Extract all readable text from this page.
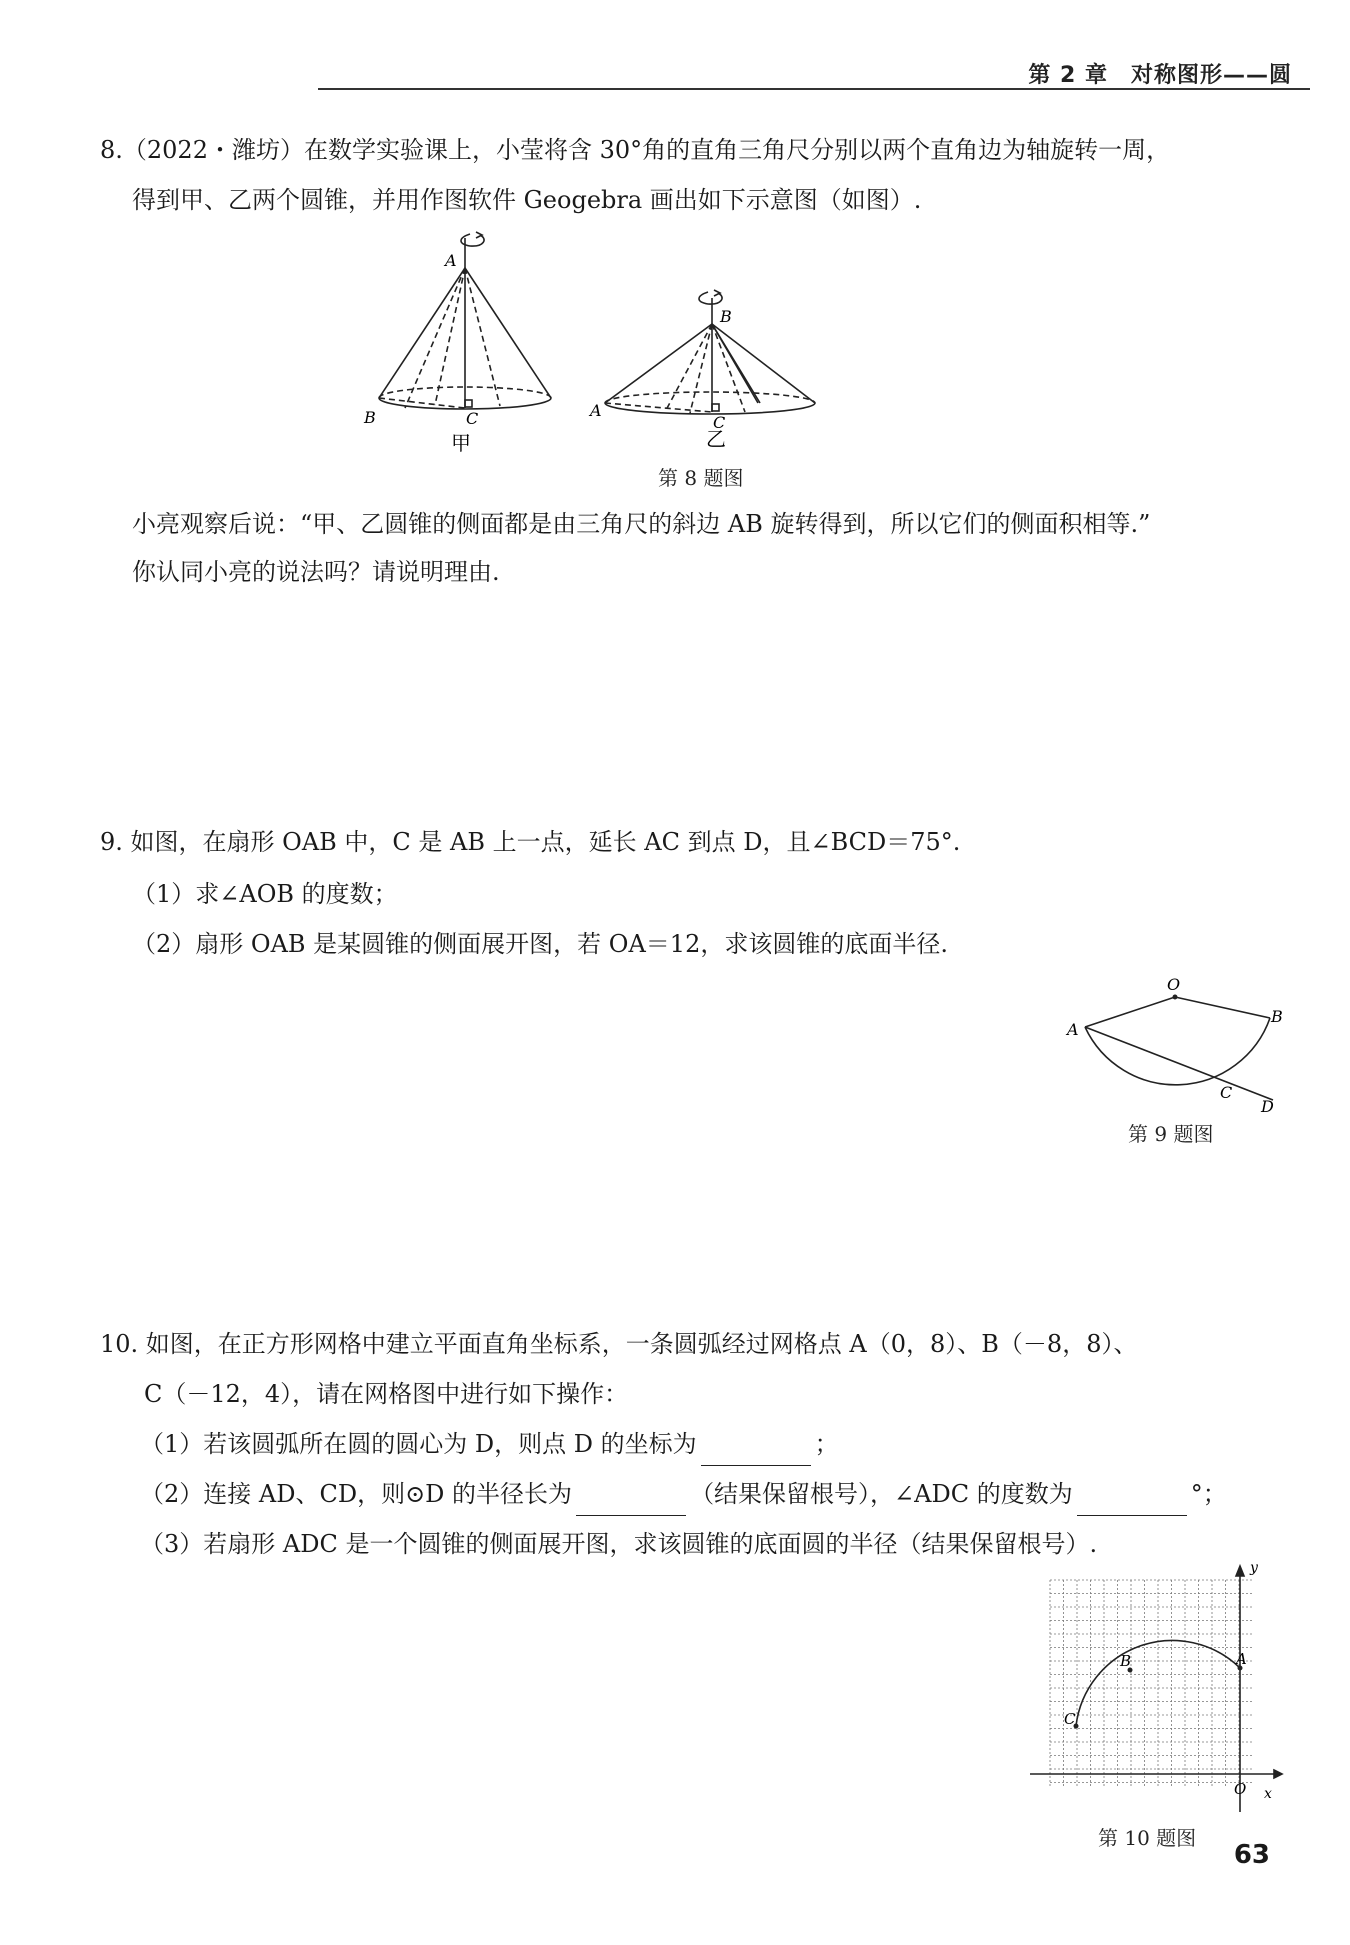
第 2 章　对称图形——圆
8.（2022・潍坊）在数学实验课上，小莹将含 30°角的直角三角尺分别以两个直角边为轴旋转一周，
得到甲、乙两个圆锥，并用作图软件 Geogebra 画出如下示意图（如图）.
A
B	C
甲
B
A
C
乙
第 8 题图
小亮观察后说：“甲、乙圆锥的侧面都是由三角尺的斜边 AB 旋转得到，所以它们的侧面积相等.”
你认同小亮的说法吗？请说明理由.
9. 如图，在扇形 OAB 中，C 是 AB 上一点，延长 AC 到点 D，且∠BCD＝75°.
（1）求∠AOB 的度数；
（2）扇形 OAB 是某圆锥的侧面展开图，若 OA＝12，求该圆锥的底面半径.
O
A
B
C
D
第 9 题图
10. 如图，在正方形网格中建立平面直角坐标系，一条圆弧经过网格点 A（0，8）、B（－8，8）、
C（－12，4），请在网格图中进行如下操作：
（1）若该圆弧所在圆的圆心为 D，则点 D 的坐标为	；
（2）连接 AD、CD，则⊙D 的半径长为	（结果保留根号），∠ADC 的度数为	°；
（3）若扇形 ADC 是一个圆锥的侧面展开图，求该圆锥的底面圆的半径（结果保留根号）.
y
x
O
A
B
C
第 10 题图
63
